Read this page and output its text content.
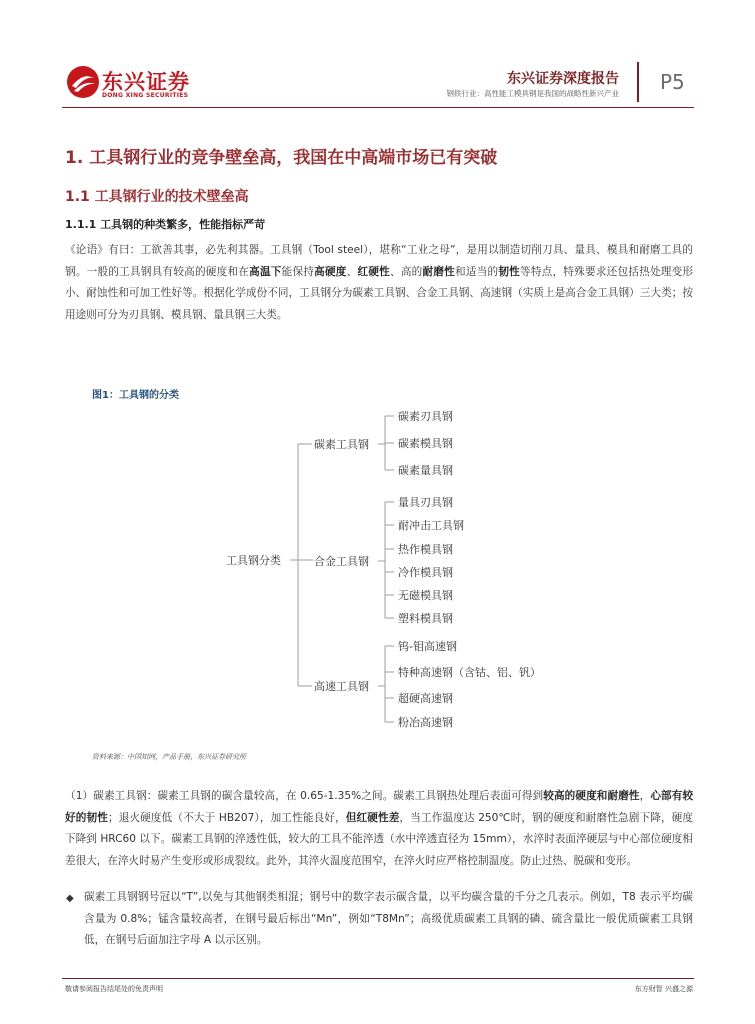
东兴证券
DONG XING SECURITIES
东兴证券深度报告
钢铁行业：高性能工模具钢是我国的战略性新兴产业 P5
1. 工具钢行业的竞争壁垒高，我国在中高端市场已有突破
1.1 工具钢行业的技术壁垒高
1.1.1 工具钢的种类繁多，性能指标严苛
《论语》有曰：工欲善其事，必先利其器。工具钢（Tool steel），堪称“工业之母”，是用以制造切削刀具、量具、模具和耐磨工具的钢。一般的工具钢具有较高的硬度和在高温下能保持高硬度、红硬性、高的耐磨性和适当的韧性等特点，特殊要求还包括热处理变形小、耐蚀性和可加工性好等。根据化学成份不同，工具钢分为碳素工具钢、合金工具钢、高速钢（实质上是高合金工具钢）三大类；按用途则可分为刃具钢、模具钢、量具钢三大类。
图1：工具钢的分类
工具钢分类
碳素工具钢
碳素刃具钢
碳素模具钢
碳素量具钢
合金工具钢
量具刃具钢
耐冲击工具钢
热作模具钢
冷作模具钢
无磁模具钢
塑料模具钢
高速工具钢
钨-钼高速钢
特种高速钢（含钴、铝、钒）
超硬高速钢
粉冶高速钢
资料来源：中国知网，产品手册，东兴证券研究所
（1）碳素工具钢：碳素工具钢的碳含量较高，在 0.65-1.35%之间。碳素工具钢热处理后表面可得到较高的硬度和耐磨性，心部有较好的韧性；退火硬度低（不大于 HB207），加工性能良好，但红硬性差，当工作温度达 250℃时，钢的硬度和耐磨性急剧下降，硬度下降到 HRC60 以下。碳素工具钢的淬透性低，较大的工具不能淬透（水中淬透直径为 15mm），水淬时表面淬硬层与中心部位硬度相差很大，在淬火时易产生变形或形成裂纹。此外，其淬火温度范围窄，在淬火时应严格控制温度。防止过热、脱碳和变形。
◆ 碳素工具钢钢号冠以“T”,以免与其他钢类相混；钢号中的数字表示碳含量，以平均碳含量的千分之几表示。例如，T8 表示平均碳含量为 0.8%；锰含量较高者，在钢号最后标出“Mn”，例如“T8Mn”；高级优质碳素工具钢的磷、硫含量比一般优质碳素工具钢低，在钢号后面加注字母 A 以示区别。
敬请参阅报告结尾处的免责声明	东方财智 兴盛之源
